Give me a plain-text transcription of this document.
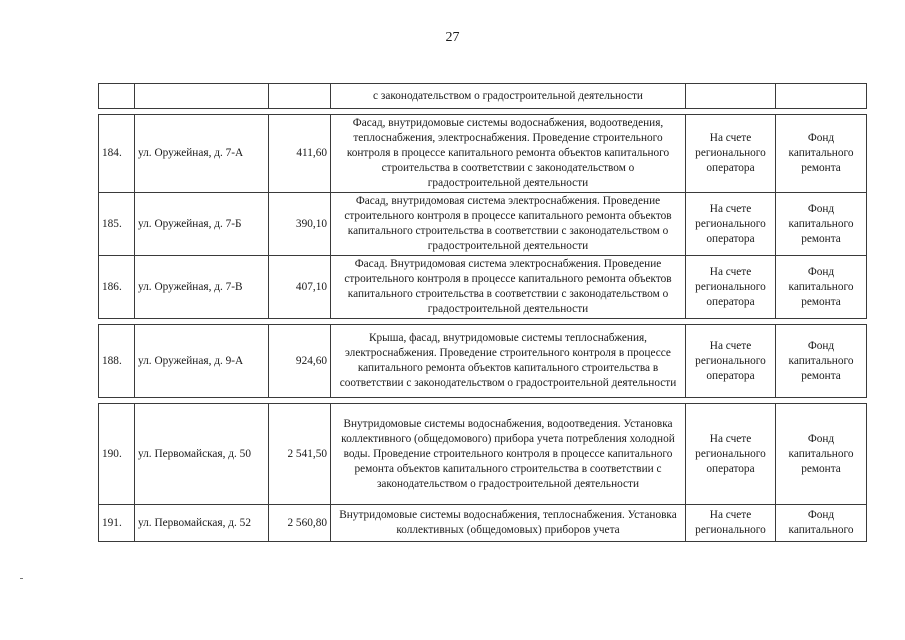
27
			с законодательством о градостроительной деятельности		

184.	ул. Оружейная, д. 7-А	411,60	Фасад, внутридомовые системы водоснабжения, водоотведения, теплоснабжения, электроснабжения. Проведение строительного контроля в процессе капитального ремонта объектов капитального строительства в соответствии с законодательством о градостроительной деятельности	На счете регионального оператора	Фонд капитального ремонта
185.	ул. Оружейная, д. 7-Б	390,10	Фасад, внутридомовая система электроснабжения. Проведение строительного контроля в процессе капитального ремонта объектов капитального строительства в соответствии с законодательством о градостроительной деятельности	На счете регионального оператора	Фонд капитального ремонта
186.	ул. Оружейная, д. 7-В	407,10	Фасад. Внутридомовая система электроснабжения. Проведение строительного контроля в процессе капитального ремонта объектов капитального строительства в соответствии с законодательством о градостроительной деятельности	На счете регионального оператора	Фонд капитального ремонта

188.	ул. Оружейная, д. 9-А	924,60	Крыша, фасад, внутридомовые системы теплоснабжения, электроснабжения. Проведение строительного контроля в процессе капитального ремонта объектов капитального строительства в соответствии с законодательством о градостроительной деятельности	На счете регионального оператора	Фонд капитального ремонта

190.	ул. Первомайская, д. 50	2 541,50	Внутридомовые системы водоснабжения, водоотведения. Установка коллективного (общедомового) прибора учета потребления холодной воды. Проведение строительного контроля в процессе капитального ремонта объектов капитального строительства в соответствии с законодательством о градостроительной деятельности	На счете регионального оператора	Фонд капитального ремонта
191.	ул. Первомайская, д. 52	2 560,80	Внутридомовые системы водоснабжения, теплоснабжения. Установка коллективных (общедомовых) приборов учета	На счете регионального	Фонд капитального
